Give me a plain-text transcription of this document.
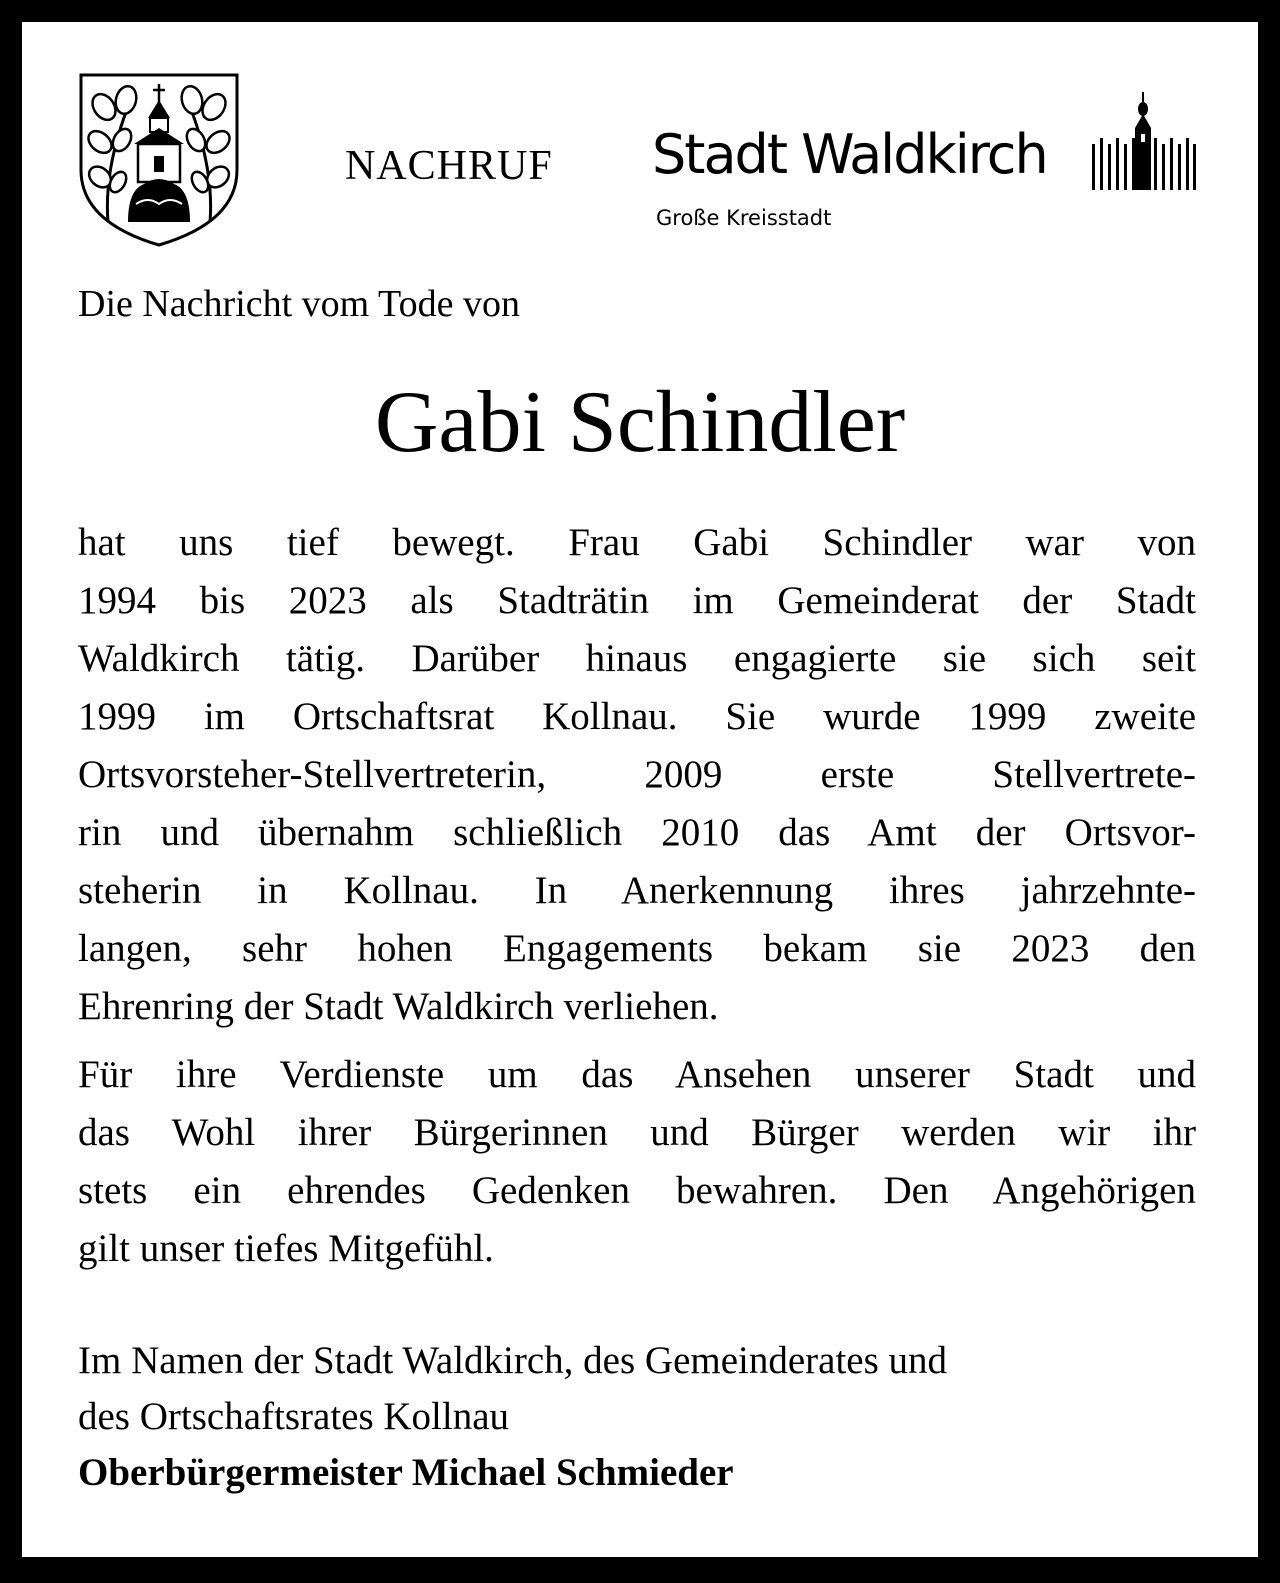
NACHRUF Stadt Waldkirch
Große Kreisstadt
Die Nachricht vom Tode von
Gabi Schindler
hat uns tief bewegt. Frau Gabi Schindler war von
1994 bis 2023 als Stadträtin im Gemeinderat der Stadt
Waldkirch tätig. Darüber hinaus engagierte sie sich seit
1999 im Ortschaftsrat Kollnau. Sie wurde 1999 zweite
Ortsvorsteher-Stellvertreterin, 2009 erste Stellvertrete-
rin und übernahm schließlich 2010 das Amt der Ortsvor-
steherin in Kollnau. In Anerkennung ihres jahrzehnte-
langen, sehr hohen Engagements bekam sie 2023 den
Ehrenring der Stadt Waldkirch verliehen.
Für ihre Verdienste um das Ansehen unserer Stadt und
das Wohl ihrer Bürgerinnen und Bürger werden wir ihr
stets ein ehrendes Gedenken bewahren. Den Angehörigen
gilt unser tiefes Mitgefühl.
Im Namen der Stadt Waldkirch, des Gemeinderates und
des Ortschaftsrates Kollnau
Oberbürgermeister Michael Schmieder
